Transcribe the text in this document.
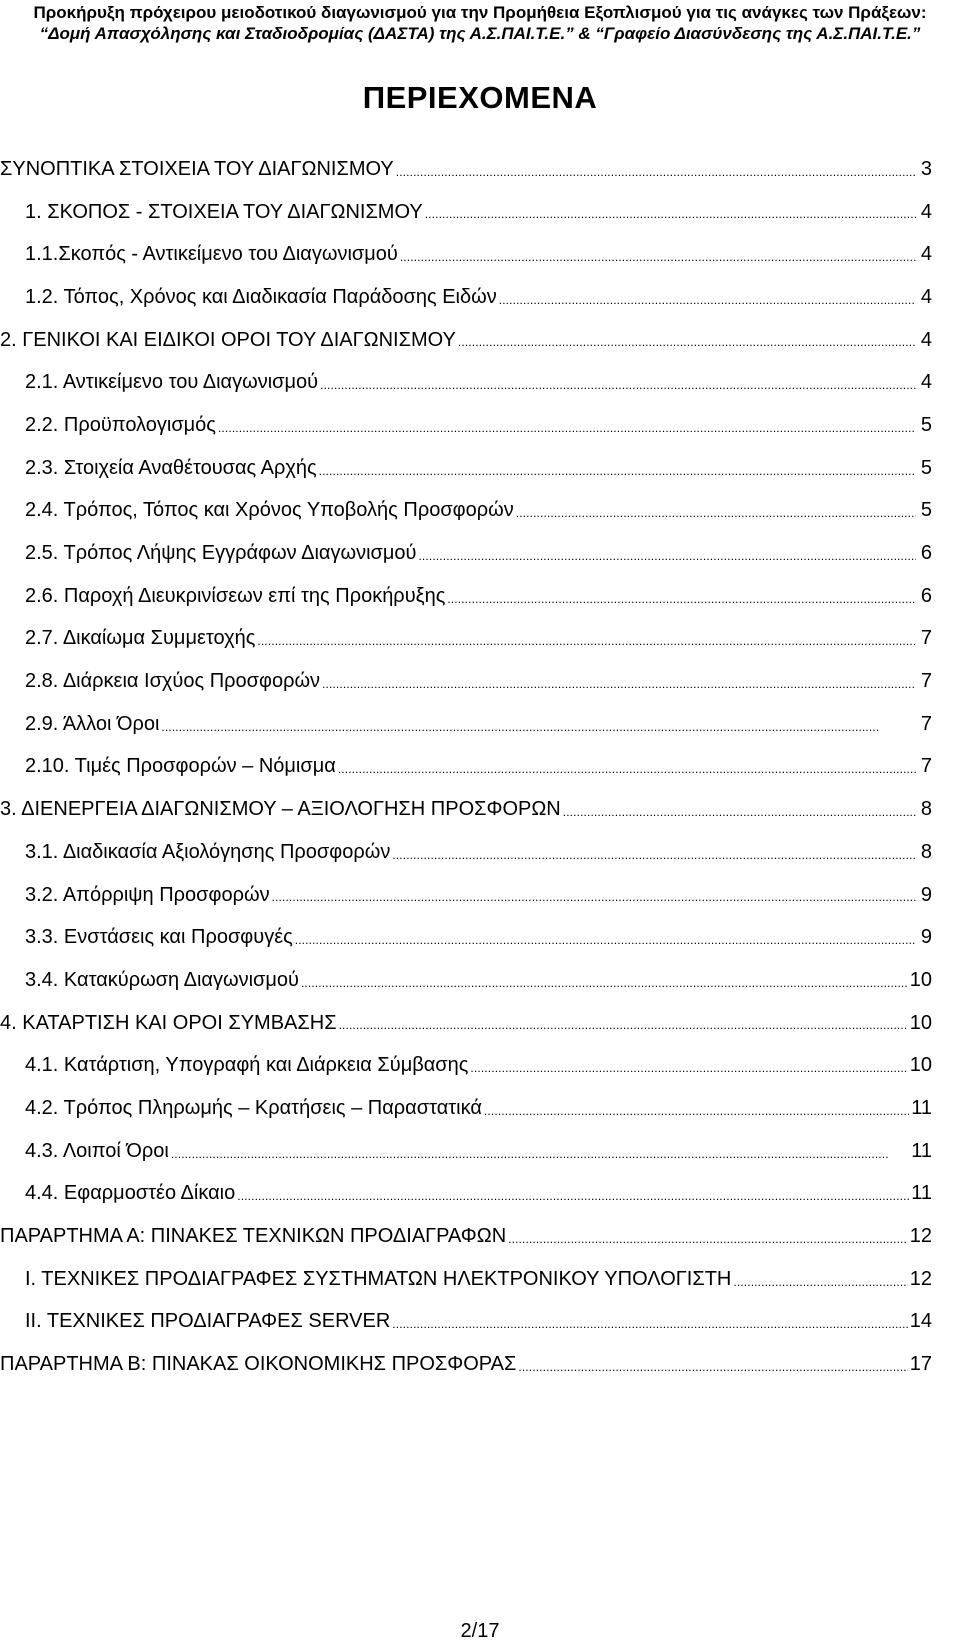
Προκήρυξη πρόχειρου μειοδοτικού διαγωνισμού για την Προμήθεια Εξοπλισμού για τις ανάγκες των Πράξεων:
“Δομή Απασχόλησης και Σταδιοδρομίας (ΔΑΣΤΑ) της Α.Σ.ΠΑΙ.Τ.Ε.” & “Γραφείο Διασύνδεσης της Α.Σ.ΠΑΙ.Τ.Ε.”
ΠΕΡΙΕΧΟΜΕΝΑ
ΣΥΝΟΠΤΙΚΑ ΣΤΟΙΧΕΙΑ ΤΟΥ ΔΙΑΓΩΝΙΣΜΟΥ . . .	3
1. ΣΚΟΠΟΣ - ΣΤΟΙΧΕΙΑ ΤΟΥ ΔΙΑΓΩΝΙΣΜΟΥ . . .	4
1.1.Σκοπός - Αντικείμενο του Διαγωνισμού . . .	4
1.2. Τόπος, Χρόνος και Διαδικασία Παράδοσης Ειδών . . .	4
2. ΓΕΝΙΚΟΙ ΚΑΙ ΕΙΔΙΚΟΙ ΟΡΟΙ ΤΟΥ ΔΙΑΓΩΝΙΣΜΟΥ . . .	4
2.1. Αντικείμενο του Διαγωνισμού . . .	4
2.2. Προϋπολογισμός . . .	5
2.3. Στοιχεία Αναθέτουσας Αρχής . . .	5
2.4. Τρόπος, Τόπος και Χρόνος Υποβολής Προσφορών . . .	5
2.5. Τρόπος Λήψης Εγγράφων Διαγωνισμού . . .	6
2.6. Παροχή Διευκρινίσεων επί της Προκήρυξης . . .	6
2.7. Δικαίωμα Συμμετοχής . . .	7
2.8. Διάρκεια Ισχύος Προσφορών . . .	7
2.9. Άλλοι Όροι . . .	7
2.10. Τιμές Προσφορών – Νόμισμα . . .	7
3. ΔΙΕΝΕΡΓΕΙΑ ΔΙΑΓΩΝΙΣΜΟΥ – ΑΞΙΟΛΟΓΗΣΗ ΠΡΟΣΦΟΡΩΝ . . .	8
3.1. Διαδικασία Αξιολόγησης Προσφορών . . .	8
3.2. Απόρριψη Προσφορών . . .	9
3.3. Ενστάσεις και Προσφυγές . . .	9
3.4. Κατακύρωση Διαγωνισμού . . .	10
4. ΚΑΤΑΡΤΙΣΗ ΚΑΙ ΟΡΟΙ ΣΥΜΒΑΣΗΣ . . .	10
4.1. Κατάρτιση, Υπογραφή και Διάρκεια Σύμβασης . . .	10
4.2. Τρόπος Πληρωμής – Κρατήσεις – Παραστατικά . . .	11
4.3. Λοιποί Όροι . . .	11
4.4. Εφαρμοστέο Δίκαιο . . .	11
ΠΑΡΑΡΤΗΜΑ Α: ΠΙΝΑΚΕΣ ΤΕΧΝΙΚΩΝ ΠΡΟΔΙΑΓΡΑΦΩΝ . . .	12
Ι. ΤΕΧΝΙΚΕΣ ΠΡΟΔΙΑΓΡΑΦΕΣ ΣΥΣΤΗΜΑΤΩΝ ΗΛΕΚΤΡΟΝΙΚΟΥ ΥΠΟΛΟΓΙΣΤΗ . . .	12
ΙΙ. ΤΕΧΝΙΚΕΣ ΠΡΟΔΙΑΓΡΑΦΕΣ SERVER . . .	14
ΠΑΡΑΡΤΗΜΑ Β: ΠΙΝΑΚΑΣ ΟΙΚΟΝΟΜΙΚΗΣ ΠΡΟΣΦΟΡΑΣ . . .	17
2/17
